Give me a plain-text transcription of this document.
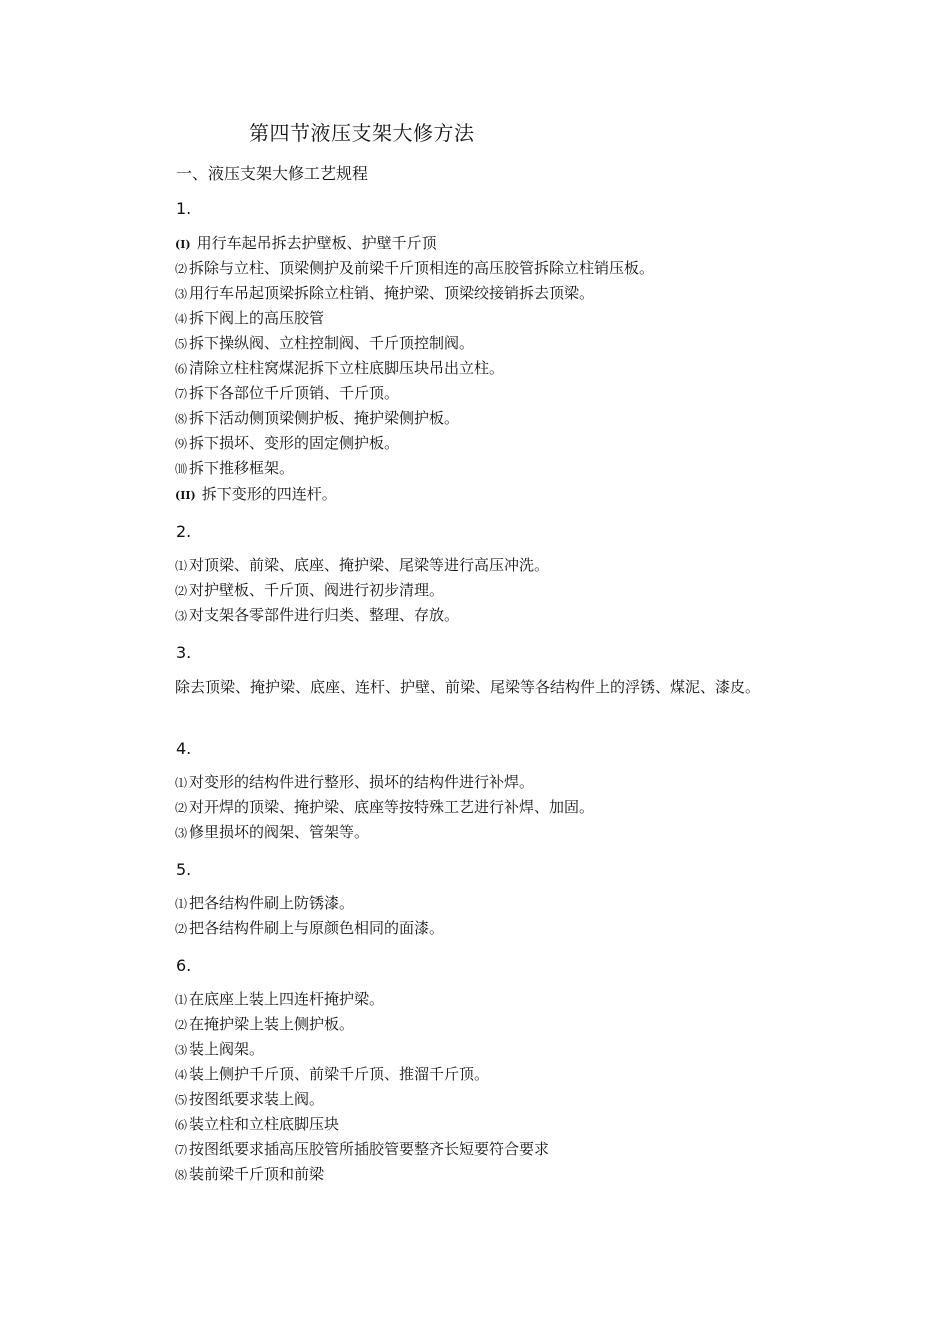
第四节液压支架大修方法
一、液压支架大修工艺规程
1.
(I) 用行车起吊拆去护壁板、护壁千斤顶
⑵ 拆除与立柱、顶梁侧护及前梁千斤顶相连的高压胶管拆除立柱销压板。
⑶ 用行车吊起顶梁拆除立柱销、掩护梁、顶梁绞接销拆去顶梁。
⑷ 拆下阀上的高压胶管
⑸ 拆下操纵阀、立柱控制阀、千斤顶控制阀。
⑹ 清除立柱柱窝煤泥拆下立柱底脚压块吊出立柱。
⑺ 拆下各部位千斤顶销、千斤顶。
⑻ 拆下活动侧顶梁侧护板、掩护梁侧护板。
⑼ 拆下损坏、变形的固定侧护板。
⑽ 拆下推移框架。
(II) 拆下变形的四连杆。
2.
⑴ 对顶梁、前梁、底座、掩护梁、尾梁等进行高压冲洗。
⑵ 对护壁板、千斤顶、阀进行初步清理。
⑶ 对支架各零部件进行归类、整理、存放。
3.
除去顶梁、掩护梁、底座、连杆、护壁、前梁、尾梁等各结构件上的浮锈、煤泥、漆皮。
4.
⑴ 对变形的结构件进行整形、损坏的结构件进行补焊。
⑵ 对开焊的顶梁、掩护梁、底座等按特殊工艺进行补焊、加固。
⑶ 修里损坏的阀架、管架等。
5.
⑴ 把各结构件刷上防锈漆。
⑵ 把各结构件刷上与原颜色相同的面漆。
6.
⑴ 在底座上装上四连杆掩护梁。
⑵ 在掩护梁上装上侧护板。
⑶ 装上阀架。
⑷ 装上侧护千斤顶、前梁千斤顶、推溜千斤顶。
⑸ 按图纸要求装上阀。
⑹ 装立柱和立柱底脚压块
⑺ 按图纸要求插高压胶管所插胶管要整齐长短要符合要求
⑻ 装前梁千斤顶和前梁
